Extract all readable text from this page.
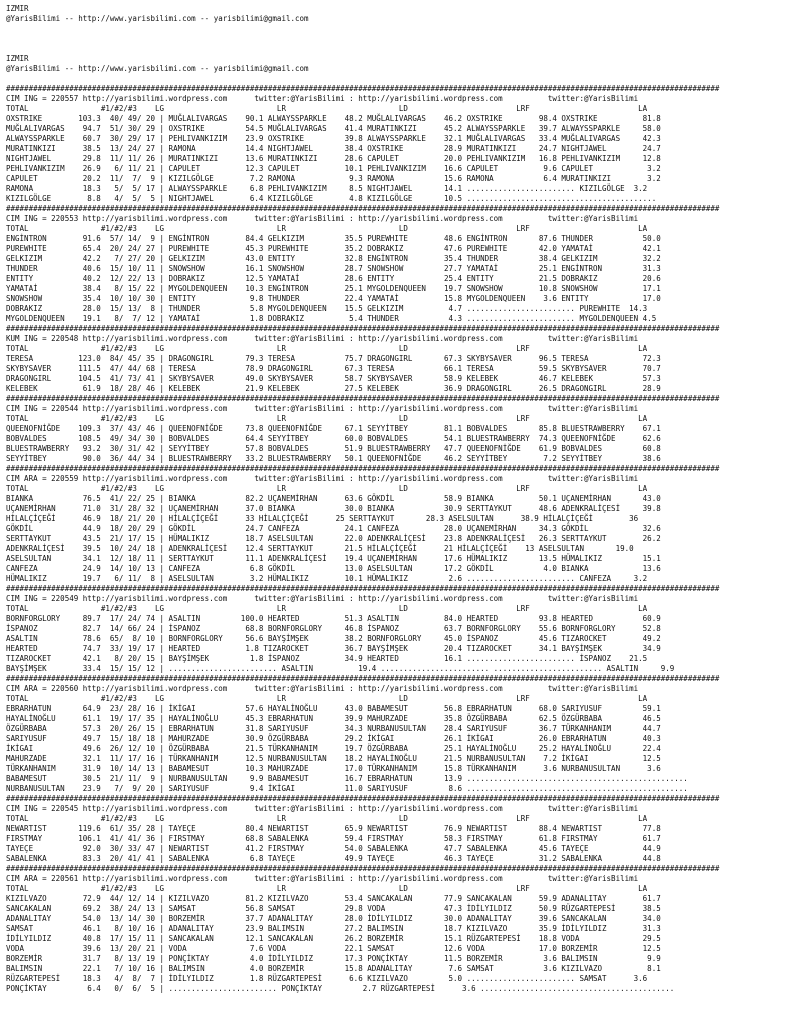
IZMIR
@YarisBilimi -- http://www.yarisbilimi.com -- yarisbilimi@gmail.com
IZMIR
@YarisBilimi -- http://www.yarisbilimi.com -- yarisbilimi@gmail.com
##############################################################################################################################################################
CIM ING = 220557 http://yarisbilimi.wordpress.com      twitter:@YarisBilimi : http://yarisbilimi.wordpress.com          twitter:@YarisBilimi
TOTAL                #1/#2/#3    LG                         LR                         LD                        LRF                        LA
OXSTRIKE        103.3  40/ 49/ 20 | MUĞLALIVARGAS    90.1 ALWAYSSPARKLE    48.2 MUĞLALIVARGAS    46.2 OXSTRIKE        98.4 OXSTRIKE          81.8
MUĞLALIVARGAS    94.7  51/ 30/ 29 | OXSTRIKE         54.5 MUĞLALIVARGAS    41.4 MURATINKIZI      45.2 ALWAYSSPARKLE   39.7 ALWAYSSPARKLE     58.0
ALWAYSSPARKLE    60.7  30/ 29/ 17 | PEHLIVANKIZIM    23.9 OXSTRIKE         39.8 ALWAYSSPARKLE    32.1 MUĞLALIVARGAS   33.4 MUĞLALIVARGAS     42.3
MURATINKIZI      38.5  13/ 24/ 27 | RAMONA           14.4 NIGHTJAWEL       38.4 OXSTRIKE         28.9 MURATINKIZI     24.7 NIGHTJAWEL        24.7
NIGHTJAWEL       29.8  11/ 11/ 26 | MURATINKIZI      13.6 MURATINKIZI      28.6 CAPULET          20.0 PEHLIVANKIZIM   16.8 PEHLIVANKIZIM     12.8
PEHLIVANKIZIM    26.9   6/ 11/ 21 | CAPULET          12.3 CAPULET          10.1 PEHLIVANKIZIM    16.6 CAPULET          9.6 CAPULET            3.2
CAPULET          20.2  11/  7/  9 | KIZILGÖLGE        7.2 RAMONA            9.3 RAMONA           15.6 RAMONA           6.4 MURATINKIZI        3.2
RAMONA           18.3   5/  5/ 17 | ALWAYSSPARKLE     6.8 PEHLIVANKIZIM     8.5 NIGHTJAWEL       14.1 ........................ KIZILGÖLGE  3.2
KIZILGÖLGE        8.8   4/  5/  5 | NIGHTJAWEL        6.4 KIZILGÖLGE        4.8 KIZILGÖLGE       10.5 ..........................................
##############################################################################################################################################################
CIM ING = 220553 http://yarisbilimi.wordpress.com      twitter:@YarisBilimi : http://yarisbilimi.wordpress.com          twitter:@YarisBilimi
TOTAL                #1/#2/#3    LG                         LR                         LD                        LRF                        LA
ENGİNTRON        91.6  57/ 14/  9 | ENGİNTRON        84.4 GELKIZIM         35.5 PUREWHITE        48.6 ENGİNTRON       87.6 THUNDER           50.0
PUREWHITE        65.4  20/ 24/ 27 | PUREWHITE        45.3 PUREWHITE        35.2 DOBRAKIZ         47.6 PUREWHITE       42.0 YAMATAİ           42.1
GELKIZIM         42.2   7/ 27/ 20 | GELKIZIM         43.0 ENTITY           32.8 ENGİNTRON        35.4 THUNDER         38.4 GELKIZIM          32.2
THUNDER          40.6  15/ 10/ 11 | SNOWSHOW         16.1 SNOWSHOW         28.7 SNOWSHOW         27.7 YAMATAİ         25.1 ENGİNTRON         31.3
ENTITY           40.2  12/ 22/ 13 | DOBRAKIZ         12.5 YAMATAİ          28.6 ENTITY           25.4 ENTITY          21.5 DOBRAKIZ          20.6
YAMATAİ          38.4   8/ 15/ 22 | MYGOLDENQUEEN    10.3 ENGİNTRON        25.1 MYGOLDENQUEEN    19.7 SNOWSHOW        10.8 SNOWSHOW          17.1
SNOWSHOW         35.4  10/ 10/ 30 | ENTITY            9.8 THUNDER          22.4 YAMATAİ          15.8 MYGOLDENQUEEN    3.6 ENTITY            17.0
DOBRAKIZ         28.0  15/ 13/  8 | THUNDER           5.8 MYGOLDENQUEEN    15.5 GELKIZIM          4.7 ........................ PUREWHITE  14.3
MYGOLDENQUEEN    19.1   8/  7/ 12 | YAMATAİ           1.8 DOBRAKIZ          5.4 THUNDER           4.3 ........................ MYGOLDENQUEEN 4.5
##############################################################################################################################################################
KUM ING = 220548 http://yarisbilimi.wordpress.com      twitter:@YarisBilimi : http://yarisbilimi.wordpress.com          twitter:@YarisBilimi
TOTAL                #1/#2/#3    LG                         LR                         LD                        LRF                        LA
TERESA          123.0  84/ 45/ 35 | DRAGONGIRL       79.3 TERESA           75.7 DRAGONGIRL       67.3 SKYBYSAVER      96.5 TERESA            72.3
SKYBYSAVER      111.5  47/ 44/ 68 | TERESA           78.9 DRAGONGIRL       67.3 TERESA           66.1 TERESA          59.5 SKYBYSAVER        70.7
DRAGONGIRL      104.5  41/ 73/ 41 | SKYBYSAVER       49.0 SKYBYSAVER       58.7 SKYBYSAVER       58.9 KELEBEK         46.7 KELEBEK           57.3
KELEBEK          61.9  18/ 28/ 46 | KELEBEK          21.9 KELEBEK          27.5 KELEBEK          36.9 DRAGONGIRL      26.5 DRAGONGIRL        28.9
##############################################################################################################################################################
CIM ING = 220544 http://yarisbilimi.wordpress.com      twitter:@YarisBilimi : http://yarisbilimi.wordpress.com          twitter:@YarisBilimi
TOTAL                #1/#2/#3    LG                         LR                         LD                        LRF                        LA
QUEENOFNİĞDE    109.3  37/ 43/ 46 | QUEENOFNİĞDE     73.8 QUEENOFNİĞDE     67.1 SEYYİTBEY        81.1 BOBVALDES       85.8 BLUESTRAWBERRY    67.1
BOBVALDES       108.5  49/ 34/ 30 | BOBVALDES        64.4 SEYYİTBEY        60.0 BOBVALDES        54.1 BLUESTRAWBERRY  74.3 QUEENOFNİĞDE      62.6
BLUESTRAWBERRY   93.2  30/ 31/ 42 | SEYYİTBEY        57.8 BOBVALDES        51.9 BLUESTRAWBERRY   47.7 QUEENOFNİĞDE    61.9 BOBVALDES         60.8
SEYYİTBEY        90.0  36/ 44/ 34 | BLUESTRAWBERRY   33.2 BLUESTRAWBERRY   50.1 QUEENOFNİĞDE     46.2 SEYYİTBEY        7.2 SEYYİTBEY         38.6
##############################################################################################################################################################
CIM ARA = 220559 http://yarisbilimi.wordpress.com      twitter:@YarisBilimi : http://yarisbilimi.wordpress.com          twitter:@YarisBilimi
TOTAL                #1/#2/#3    LG                         LR                         LD                        LRF                        LA
BIANKA           76.5  41/ 22/ 25 | BIANKA           82.2 UÇANEMİRHAN      63.6 GÖKDİL           58.9 BIANKA          50.1 UÇANEMİRHAN       43.0
UÇANEMİRHAN      71.0  31/ 28/ 32 | UÇANEMİRHAN      37.0 BIANKA           30.0 BIANKA           30.9 SERTTAYKUT      48.6 ADENKRALİÇESİ     39.8
HİLALÇİÇEĞİ      46.9  18/ 21/ 20 | HİLALÇİÇEĞİ      33 HİLALÇİÇEĞİ      25 SERTTAYKUT       28.3 ASELSULTAN      38.9 HİLALÇİÇEĞİ        36
GÖKDİL           44.9  18/ 20/ 29 | GÖKDİL           24.7 CANFEZA          24.1 CANFEZA          28.0 UÇANEMİRHAN     34.3 GÖKDİL            32.6
SERTTAYKUT       43.5  21/ 17/ 15 | HÜMALIKIZ        18.7 ASELSULTAN       22.0 ADENKRALİÇESİ    23.8 ADENKRALİÇESİ   26.3 SERTTAYKUT        26.2
ADENKRALİÇESİ    39.5  10/ 24/ 18 | ADENKRALİÇESİ    12.4 SERTTAYKUT       21.5 HİLALÇİÇEĞİ      21 HİLALÇİÇEĞİ    13 ASELSULTAN       19.0
ASELSULTAN       34.1  12/ 18/ 11 | SERTTAYKUT       11.1 ADENKRALİÇESİ    19.4 UÇANEMİRHAN      17.6 HÜMALIKIZ       13.5 HÜMALIKIZ         15.1
CANFEZA          24.9  14/ 10/ 13 | CANFEZA           6.8 GÖKDİL           13.0 ASELSULTAN       17.2 GÖKDİL           4.0 BIANKA            13.6
HÜMALIKIZ        19.7   6/ 11/  8 | ASELSULTAN        3.2 HÜMALIKIZ        10.1 HÜMALIKIZ         2.6 ........................ CANFEZA     3.2
##############################################################################################################################################################
CIM ING = 220549 http://yarisbilimi.wordpress.com      twitter:@YarisBilimi : http://yarisbilimi.wordpress.com          twitter:@YarisBilimi
TOTAL                #1/#2/#3    LG                         LR                         LD                        LRF                        LA
BORNFORGLORY     89.7  17/ 24/ 74 | ASALTIN         100.0 HEARTED          51.3 ASALTIN          84.0 HEARTED         93.8 HEARTED           60.9
İSPANOZ          82.7  14/ 66/ 24 | İSPANOZ          68.8 BORNFORGLORY     46.8 İSPANOZ          63.7 BORNFORGLORY    55.6 BORNFORGLORY      52.8
ASALTIN          78.6  65/  8/ 10 | BORNFORGLORY     56.6 BAYŞİMŞEK        38.2 BORNFORGLORY     45.0 İSPANOZ         45.6 TIZAROCKET        49.2
HEARTED          74.7  33/ 19/ 17 | HEARTED          1.8 TIZAROCKET        36.7 BAYŞİMŞEK        20.4 TIZAROCKET      34.1 BAYŞİMŞEK         34.9
TIZAROCKET       42.1   8/ 20/ 15 | BAYŞİMŞEK         1.8 İSPANOZ          34.9 HEARTED          16.1 ........................ İSPANOZ    21.5
BAYŞİMŞEK        33.4  15/ 15/ 12 | ........................ ASALTIN          19.4 ........................ ........................ ASALTIN     9.9
##############################################################################################################################################################
CIM ARA = 220560 http://yarisbilimi.wordpress.com      twitter:@YarisBilimi : http://yarisbilimi.wordpress.com          twitter:@YarisBilimi
TOTAL                #1/#2/#3    LG                         LR                         LD                        LRF                        LA
EBRARHATUN       64.9  23/ 28/ 16 | İKİGAI           57.6 HAYALİNOĞLU      43.0 BABAMESUT        56.8 EBRARHATUN      68.0 SARIYUSUF         59.1
HAYALİNOĞLU      61.1  19/ 17/ 35 | HAYALİNOĞLU      45.3 EBRARHATUN       39.9 MAHURZADE        35.8 ÖZGÜRBABA       62.5 ÖZGÜRBABA         46.5
ÖZGÜRBABA        57.3  20/ 26/ 15 | EBRARHATUN       31.8 SARIYUSUF        34.3 NURBANUSULTAN    28.4 SARIYUSUF       36.7 TÜRKANHANIM       44.7
SARIYUSUF        49.7  15/ 18/ 18 | MAHURZADE        30.9 ÖZGÜRBABA        29.2 İKİGAI           26.1 İKİGAI          26.0 EBRARHATUN        40.3
İKİGAI           49.6  26/ 12/ 10 | ÖZGÜRBABA        21.5 TÜRKANHANIM      19.7 ÖZGÜRBABA        25.1 HAYALİNOĞLU     25.2 HAYALİNOĞLU       22.4
MAHURZADE        32.1  11/ 17/ 16 | TÜRKANHANIM      12.5 NURBANUSULTAN    18.2 HAYALİNOĞLU      21.5 NURBANUSULTAN    7.2 İKİGAI            12.5
TÜRKANHANIM      31.9  10/ 14/ 13 | BABAMESUT        10.3 MAHURZADE        17.0 TÜRKANHANIM      15.8 TÜRKANHANIM      3.6 NURBANUSULTAN      3.6
BABAMESUT        30.5  21/ 11/  9 | NURBANUSULTAN     9.9 BABAMESUT        16.7 EBRARHATUN       13.9 .................................................
NURBANUSULTAN    23.9   7/  9/ 20 | SARIYUSUF         9.4 İKİGAI           11.0 SARIYUSUF         8.6 .................................................
##############################################################################################################################################################
CIM ING = 220545 http://yarisbilimi.wordpress.com      twitter:@YarisBilimi : http://yarisbilimi.wordpress.com          twitter:@YarisBilimi
TOTAL                #1/#2/#3    LG                         LR                         LD                        LRF                        LA
NEWARTIST       119.6  61/ 35/ 28 | TAYEÇE           80.4 NEWARTIST        65.9 NEWARTIST        76.9 NEWARTIST       88.4 NEWARTIST         77.8
FIRSTMAY        106.1  41/ 41/ 36 | FIRSTMAY         68.8 SABALENKA        59.4 FIRSTMAY         58.3 FIRSTMAY        61.8 FIRSTMAY          61.7
TAYEÇE           92.0  30/ 33/ 47 | NEWARTIST        41.2 FIRSTMAY         54.0 SABALENKA        47.7 SABALENKA       45.6 TAYEÇE            44.9
SABALENKA        83.3  20/ 41/ 41 | SABALENKA         6.8 TAYEÇE           49.9 TAYEÇE           46.3 TAYEÇE          31.2 SABALENKA         44.8
##############################################################################################################################################################
CIM ARA = 220561 http://yarisbilimi.wordpress.com      twitter:@YarisBilimi : http://yarisbilimi.wordpress.com          twitter:@YarisBilimi
TOTAL                #1/#2/#3    LG                         LR                         LD                        LRF                        LA
KIZILVAZO        72.9  44/ 12/ 14 | KIZILVAZO        81.2 KIZILVAZO        53.4 SANCAKALAN       77.9 SANCAKALAN      59.9 ADANALITAY        61.7
SANCAKALAN       69.2  38/ 24/ 13 | SAMSAT           56.8 SAMSAT           29.8 VODA             47.3 İDİLYILDIZ      50.9 RÜZGARTEPESİ      38.5
ADANALITAY       54.0  13/ 14/ 30 | BORZEMİR         37.7 ADANALITAY       28.0 İDİLYILDIZ       30.0 ADANALITAY      39.6 SANCAKALAN        34.0
SAMSAT           46.1   8/ 10/ 16 | ADANALITAY       23.9 BALIMSIN         27.2 BALIMSIN         18.7 KIZILVAZO       35.9 İDİLYILDIZ        31.3
İDİLYILDIZ       40.8  17/ 15/ 11 | SANCAKALAN       12.1 SANCAKALAN       26.2 BORZEMİR         15.1 RÜZGARTEPESİ    18.8 VODA              29.5
VODA             39.6  13/ 20/ 21 | VODA              7.6 VODA             22.1 SAMSAT           12.6 VODA            17.0 BORZEMİR          12.5
BORZEMİR         31.7   8/ 13/ 19 | PONÇİKTAY         4.0 İDİLYILDIZ       17.3 PONÇİKTAY        11.5 BORZEMİR         3.6 BALIMSIN           9.9
BALIMSIN         22.1   7/ 10/ 16 | BALIMSIN          4.0 BORZEMİR         15.8 ADANALITAY        7.6 SAMSAT           3.6 KIZILVAZO          8.1
RÜZGARTEPESİ     18.3   4/  8/  7 | İDİLYILDIZ        1.8 RÜZGARTEPESİ      6.6 KIZILVAZO         5.0 ........................ SAMSAT      3.6
PONÇİKTAY         6.4   0/  6/  5 | ........................ PONÇİKTAY         2.7 RÜZGARTEPESİ      3.6 ...........................................
